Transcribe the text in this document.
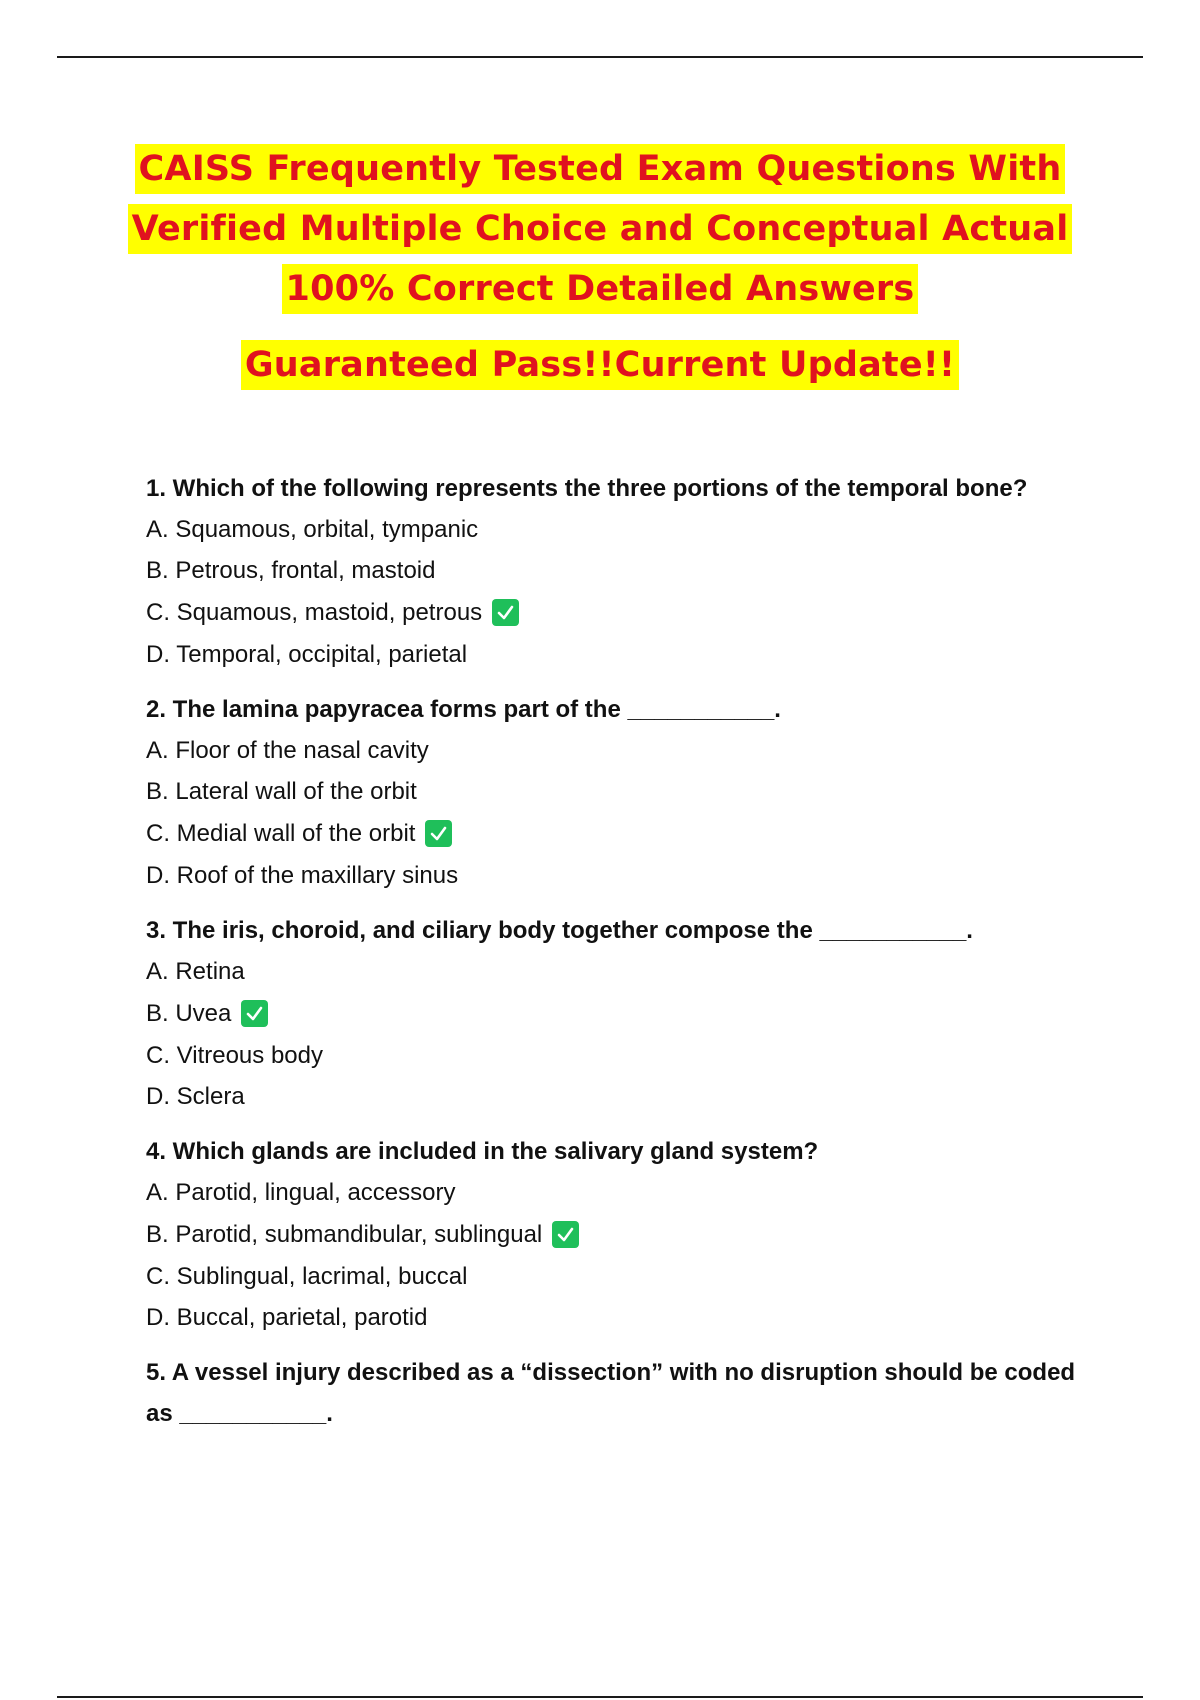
CAISS Frequently Tested Exam Questions With
Verified Multiple Choice and Conceptual Actual
100% Correct Detailed Answers
Guaranteed Pass!!Current Update!!

1. Which of the following represents the three portions of the temporal bone?

A. Squamous, orbital, tympanic
B. Petrous, frontal, mastoid
C. Squamous, mastoid, petrous
D. Temporal, occipital, parietal

2. The lamina papyracea forms part of the ___________.

A. Floor of the nasal cavity
B. Lateral wall of the orbit
C. Medial wall of the orbit
D. Roof of the maxillary sinus

3. The iris, choroid, and ciliary body together compose the ___________.

A. Retina
B. Uvea
C. Vitreous body
D. Sclera

4. Which glands are included in the salivary gland system?

A. Parotid, lingual, accessory
B. Parotid, submandibular, sublingual
C. Sublingual, lacrimal, buccal
D. Buccal, parietal, parotid

5. A vessel injury described as a “dissection” with no disruption should be coded as ___________.
